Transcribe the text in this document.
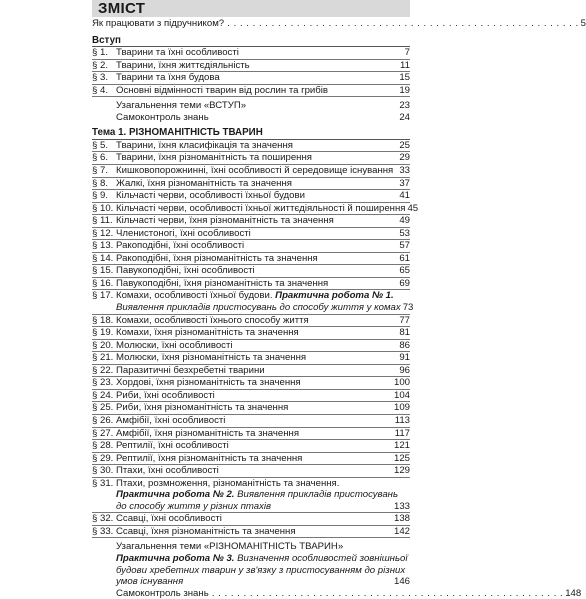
ЗМІСТ
Як працювати з підручником? . . . . . . . . . . . . . . . . . . . . . . . . . . . . . . . . . . . . . . . . . . . . . . . . . . . . . . . . 5
Вступ
§ 1. Тварини та їхні особливості	7
§ 2. Тварини, їхня життєдіяльність	11
§ 3. Тварини та їхня будова	15
§ 4. Основні відмінності тварин від рослин та грибів	19
Узагальнення теми «ВСТУП»	23
Самоконтроль знань	24
Тема 1. РІЗНОМАНІТНІСТЬ ТВАРИН
§ 5. Тварини, їхня класифікація та значення	25
§ 6. Тварини, їхня різноманітність та поширення	29
§ 7. Кишковопорожнинні, їхні особливості й середовище існування 33
§ 8. Жалкі, їхня різноманітність та значення	37
§ 9. Кільчасті черви, особливості їхньої будови	41
§ 10. Кільчасті черви, особливості їхньої життєдіяльності й поширення 45
§ 11. Кільчасті черви, їхня різноманітність та значення	49
§ 12. Членистоногі, їхні особливості	53
§ 13. Ракоподібні, їхні особливості	57
§ 14. Ракоподібні, їхня різноманітність та значення	61
§ 15. Павукоподібні, їхні особливості	65
§ 16. Павукоподібні, їхня різноманітність та значення	69
§ 17. Комахи, особливості їхньої будови. Практична робота № 1.
Виявлення прикладів пристосувань до способу життя у комах 73
§ 18. Комахи, особливості їхнього способу життя	77
§ 19. Комахи, їхня різноманітність та значення	81
§ 20. Молюски, їхні особливості	86
§ 21. Молюски, їхня різноманітність та значення	91
§ 22. Паразитичні безхребетні тварини	96
§ 23. Хордові, їхня різноманітність та значення	100
§ 24. Риби, їхні особливості	104
§ 25. Риби, їхня різноманітність та значення	109
§ 26. Амфібії, їхні особливості	113
§ 27. Амфібії, їхня різноманітність та значення	117
§ 28. Рептилії, їхні особливості	121
§ 29. Рептилії, їхня різноманітність та значення	125
§ 30. Птахи, їхні особливості	129
§ 31. Птахи, розмноження, різноманітність та значення.
Практична робота № 2. Виявлення прикладів пристосувань
до способу життя у різних птахів	133
§ 32. Ссавці, їхні особливості	138
§ 33. Ссавці, їхня різноманітність та значення	142
Узагальнення теми «РІЗНОМАНІТНІСТЬ ТВАРИН»
Практична робота № 3. Визначення особливостей зовнішньої
будови хребетних тварин у зв'язку з пристосуванням до різних
умов існування	146
Самоконтроль знань . . . . . . . . . . . . . . . . . . . . . . . . . . . . . . . . . . . . . . . . . . . . . . . . . . . . . . . . 148
